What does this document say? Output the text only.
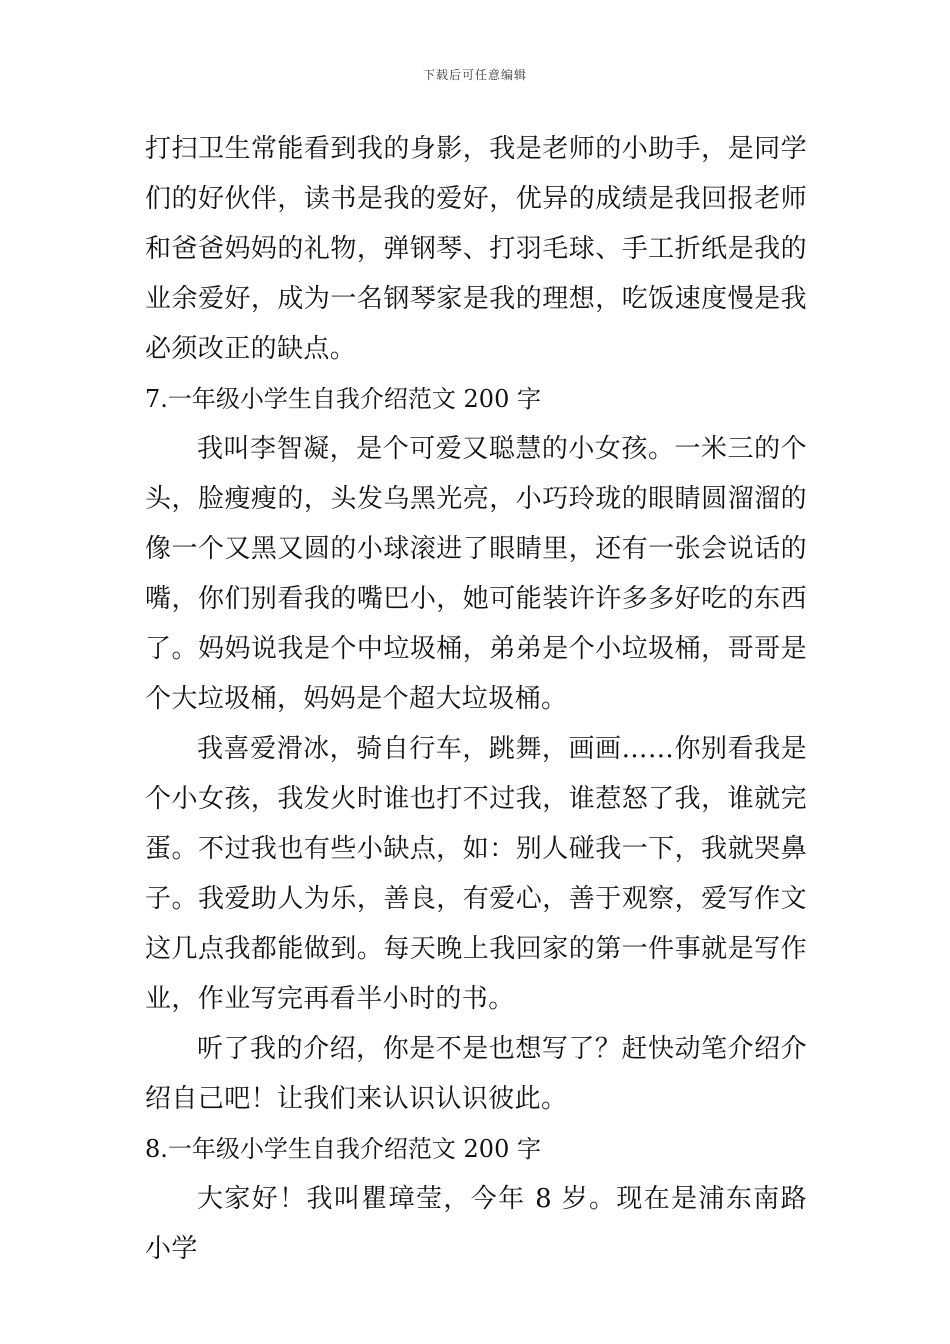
下载后可任意编辑

打扫卫生常能看到我的身影，我是老师的小助手，是同学们的好伙伴，读书是我的爱好，优异的成绩是我回报老师和爸爸妈妈的礼物，弹钢琴、打羽毛球、手工折纸是我的业余爱好，成为一名钢琴家是我的理想，吃饭速度慢是我必须改正的缺点。

7.一年级小学生自我介绍范文 200 字

我叫李智凝，是个可爱又聪慧的小女孩。一米三的个头，脸瘦瘦的，头发乌黑光亮，小巧玲珑的眼睛圆溜溜的像一个又黑又圆的小球滚进了眼睛里，还有一张会说话的嘴，你们别看我的嘴巴小，她可能装许许多多好吃的东西了。妈妈说我是个中垃圾桶，弟弟是个小垃圾桶，哥哥是个大垃圾桶，妈妈是个超大垃圾桶。

我喜爱滑冰，骑自行车，跳舞，画画……你别看我是个小女孩，我发火时谁也打不过我，谁惹怒了我，谁就完蛋。不过我也有些小缺点，如：别人碰我一下，我就哭鼻子。我爱助人为乐，善良，有爱心，善于观察，爱写作文这几点我都能做到。每天晚上我回家的第一件事就是写作业，作业写完再看半小时的书。

听了我的介绍，你是不是也想写了？赶快动笔介绍介绍自己吧！让我们来认识认识彼此。

8.一年级小学生自我介绍范文 200 字

大家好！我叫瞿璋莹，今年 8 岁。现在是浦东南路小学
